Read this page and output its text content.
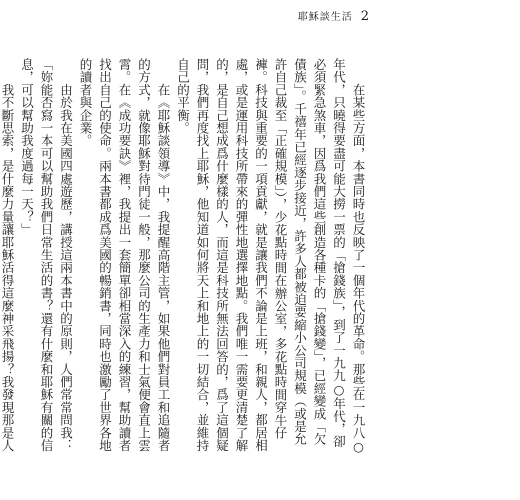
耶穌談生活 2

　　在某些方面，本書同時也反映了一個年代的革命。那些在一九八○年代，只曉得要盡可能大撈一票的「搶錢族」，到了一九九○年代，卻必須緊急煞車，因爲我們這些創造各種卡的「搶錢變」，已經變成「欠債族」。千禧年已經逐步接近，許多人都被迫要縮小公司規模（或是允許自己裁至「正確規模」），少花點時間在辦公室，多花點時間穿牛仔褲。科技與重要的一項貢獻，就是讓我們不論是上班，和親人，都居相處，或是運用科技所帶來的彈性地選擇地點。我們唯一需要更清楚了解的，是自己想成爲什麼樣的人，而這是科技所無法回答的，爲了這個疑問，我們再度找上耶穌，他知道如何將天上和地上的一切結合，並維持自己的平衡。

　　在《耶穌談領導》中，我提醒高階主管，如果他們對員工和追隨者的方式，就像耶穌對待門徒一般，那麼公司的生產力和士氣便會直上雲霄。在《成功要訣》裡，我提出一套簡單卻相當深入的練習，幫助讀者找出自己的使命。兩本書都成爲美國的暢銷書，同時也激勵了世界各地的讀者與企業。

　　由於我在美國四處遊歷，講授這兩本書中的原則，人們常常問我：「妳能否寫一本可以幫助我們日常生活的書？還有什麼和耶穌有關的信息，可以幫助我度過每一天？」

　　我不斷思索，是什麼力量讓耶穌活得這麼神采飛揚？我發現那是人
